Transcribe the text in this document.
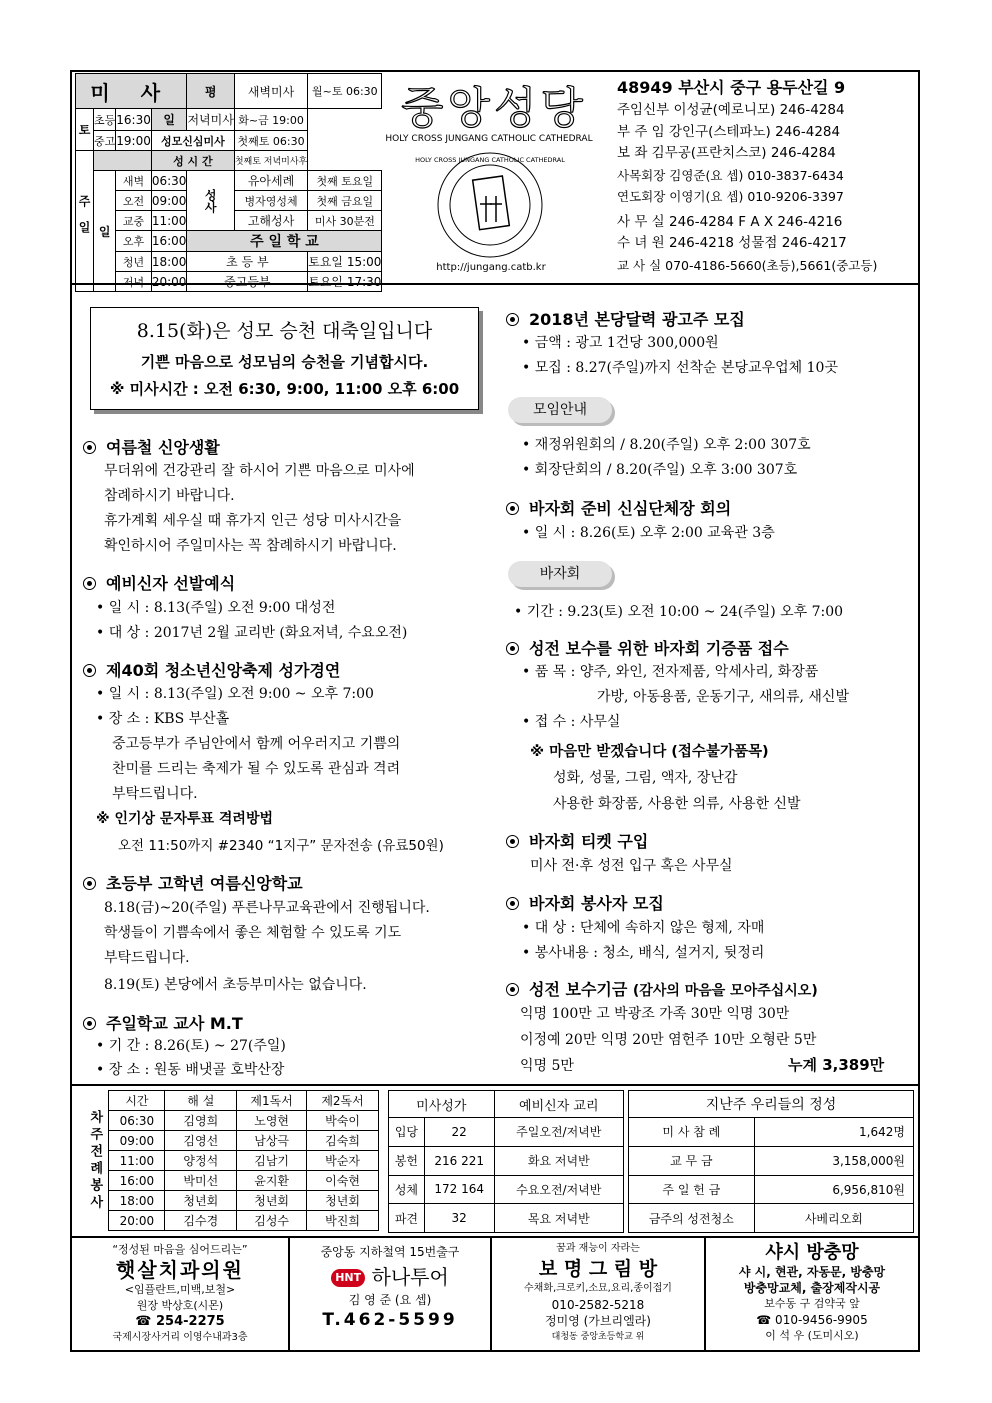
미 사				평	새벽미사	월~토 06:30

토	초등	16:30	일	저녁미사	화~금 19:00	
	중고	19:00	성모신심미사		첫째토 06:30	
주일			성 시 간		첫째토 저녁미사후	
	일	새벽	06:30	성사	유아세례	첫째 토요일
		오전	09:00		병자영성체	첫째 금요일
		교중	11:00		고해성사	미사 30분전
		오후	16:00	주 일 학 교		
		청년	18:00	초 등 부		토요일 15:00
		저녁	20:00	중고등부		토요일 17:30
중앙성당
HOLY CROSS JUNGANG CATHOLIC CATHEDRAL
HOLY CROSS JUNGANG CATHOLIC CATHEDRAL
http://jungang.catb.kr
48949 부산시 중구 용두산길 9
주임신부 이성균(예로니모) 246-4284
부 주 임 강인구(스테파노) 246-4284
보 좌 김무공(프란치스코) 246-4284
사목회장 김영준(요 셉) 010-3837-6434
연도회장 이영기(요 셉) 010-9206-3397
사 무 실 246-4284 F A X 246-4216
수 녀 원 246-4218 성물점 246-4217
교 사 실 070-4186-5660(초등),5661(중고등)
8.15(화)은 성모 승천 대축일입니다
기쁜 마음으로 성모님의 승천을 기념합시다.
※ 미사시간 : 오전 6:30, 9:00, 11:00 오후 6:00
여름철 신앙생활
무더위에 건강관리 잘 하시어 기쁜 마음으로 미사에
참례하시기 바랍니다.
휴가계획 세우실 때 휴가지 인근 성당 미사시간을
확인하시어 주일미사는 꼭 참례하시기 바랍니다.
예비신자 선발예식
• 일 시 : 8.13(주일) 오전 9:00 대성전
• 대 상 : 2017년 2월 교리반 (화요저녁, 수요오전)
제40회 청소년신앙축제 성가경연
• 일 시 : 8.13(주일) 오전 9:00 ~ 오후 7:00
• 장 소 : KBS 부산홀
중고등부가 주님안에서 함께 어우러지고 기쁨의
찬미를 드리는 축제가 될 수 있도록 관심과 격려
부탁드립니다.
※ 인기상 문자투표 격려방법
오전 11:50까지 #2340 “1지구” 문자전송 (유료50원)
초등부 고학년 여름신앙학교
8.18(금)~20(주일) 푸른나무교육관에서 진행됩니다.
학생들이 기쁨속에서 좋은 체험할 수 있도록 기도
부탁드립니다.
8.19(토) 본당에서 초등부미사는 없습니다.
주일학교 교사 M.T
• 기 간 : 8.26(토) ~ 27(주일)
• 장 소 : 원동 배냇골 호박산장
2018년 본당달력 광고주 모집
• 금액 : 광고 1건당 300,000원
• 모집 : 8.27(주일)까지 선착순 본당교우업체 10곳
모임안내
• 재정위원회의 / 8.20(주일) 오후 2:00 307호
• 회장단회의 / 8.20(주일) 오후 3:00 307호
바자회 준비 신심단체장 회의
• 일 시 : 8.26(토) 오후 2:00 교육관 3층
바자회
• 기간 : 9.23(토) 오전 10:00 ~ 24(주일) 오후 7:00
성전 보수를 위한 바자회 기증품 접수
• 품 목 : 양주, 와인, 전자제품, 악세사리, 화장품
가방, 아동용품, 운동기구, 새의류, 새신발
• 접 수 : 사무실
※ 마음만 받겠습니다 (접수불가품목)
성화, 성물, 그림, 액자, 장난감
사용한 화장품, 사용한 의류, 사용한 신발
바자회 티켓 구입
미사 전·후 성전 입구 혹은 사무실
바자회 봉사자 모집
• 대 상 : 단체에 속하지 않은 형제, 자매
• 봉사내용 : 청소, 배식, 설거지, 뒷정리
성전 보수기금 (감사의 마음을 모아주십시오)
익명 100만 고 박광조 가족 30만 익명 30만
이정예 20만 익명 20만 염헌주 10만 오형란 5만
익명 5만	누계 3,389만
차주전례봉사	시간	해 설	제1독서	제2독서
	06:30	김영희	노영현	박숙이
	09:00	김영선	남상극	김숙희
	11:00	양정석	김남기	박순자
	16:00	박미선	윤지환	이숙현
	18:00	청년회	청년회	청년회
	20:00	김수경	김성수	박진희
미사성가		예비신자 교리
입당	22	주일오전/저녁반
봉헌	216 221	화요 저녁반
성체	172 164	수요오전/저녁반
파견	32	목요 저녁반
지난주 우리들의 정성	
미 사 참 례	1,642명
교 무 금	3,158,000원
주 일 헌 금	6,956,810원
금주의 성전청소	사베리오회
“정성된 마음을 심어드리는”
햇살치과의원
<임플란트,미백,보철>
원장 박상호(시몬)
☎ 254-2275
국제시장사거리 이영수내과3층
중앙동 지하철역 15번출구
HNT 하나투어
김 영 준 (요 셉)
T.462-5599
꿈과 재능이 자라는
보 명 그 림 방
수채화,크로키,소묘,요리,종이접기
010-2582-5218
정미영 (가브리엘라)
대청동 중앙초등학교 위
샤시 방충망
샤 시, 현관, 자동문, 방충망
방충망교체, 출장제작시공
보수동 구 검약국 앞
☎ 010-9456-9905
이 석 우 (도미시오)
